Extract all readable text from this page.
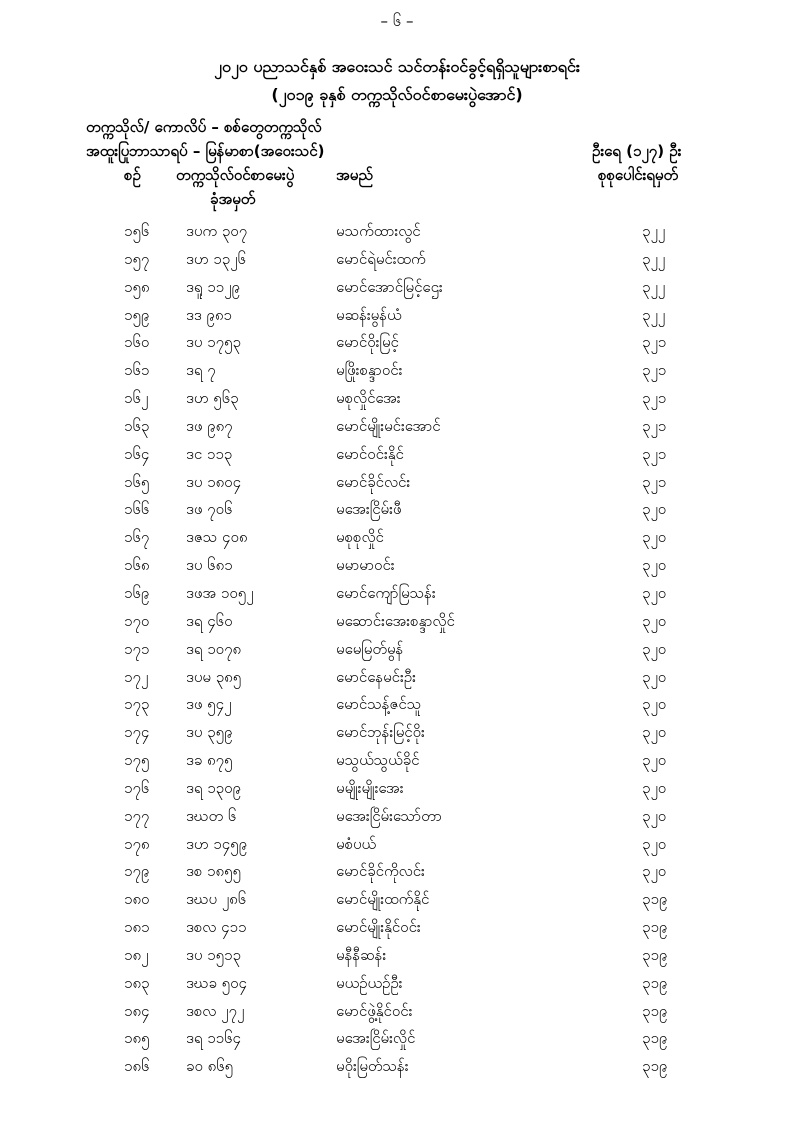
– ၆ –
၂၀၂၀ ပညာသင်နှစ် အဝေးသင် သင်တန်းဝင်ခွင့်ရရှိသူများစာရင်း
(၂၀၁၉ ခုနှစ် တက္ကသိုလ်ဝင်စာမေးပွဲအောင်)
တက္ကသိုလ်/ ကောလိပ် – စစ်တွေတက္ကသိုလ်
အထူးပြုဘာသာရပ် – မြန်မာစာ(အဝေးသင်)	ဦးရေ (၁၂၇) ဦး
စဉ် တက္ကသိုလ်ဝင်စာမေးပွဲ
ခုံအမှတ်
အမည်	စုစုပေါင်းရမှတ်
၁၅၆ ဒပက ၃၀၇	မသက်ထားလွင်	၃၂၂
၁၅၇ ဒဟ ၁၃၂၆	မောင်ရဲမင်းထက်	၃၂၂
၁၅၈ ဒရူ ၁၁၂၉	မောင်အောင်မြင့်ဌေး	၃၂၂
၁၅၉ ဒဒ ၉၈၁	မဆန်းမွန်ယံ	၃၂၂
၁၆၀ ဒပ ၁၇၅၃	မောင်ဝိုးမြင့်	၃၂၁
၁၆၁ ဒရ ၇	မဖြိုးစန္ဒာဝင်း	၃၂၁
၁၆၂	ဒဟ ၅၆၃	မစုလှိုင်အေး	၃၂၁
၁၆၃ ဒဖ ၉၈၇	မောင်မျိုးမင်းအောင်	၃၂၁
၁၆၄ ဒင ၁၁၃	မောင်ဝင်းနိုင်	၃၂၁
၁၆၅ ဒပ ၁၈၀၄	မောင်ခိုင်လင်း	၃၂၁
၁၆၆ ဒဖ ၇၀၆	မအေးငြိမ်းဖီ	၃၂၀
၁၆၇ ဒဇသ ၄၀၈	မစုစုလှိုင်	၃၂၀
၁၆၈ ဒပ ၆၈၁	မမာမာဝင်း	၃၂၀
၁၆၉ ဒဖအ ၁၀၅၂	မောင်ကျော်မြသန်း	၃၂၀
၁၇၀ ဒရ ၄၆၀	မဆောင်းအေးစန္ဒာလှိုင်	၃၂၀
၁၇၁ ဒရ ၁၀၇၈	မမေမြတ်မွန်	၃၂၀
၁၇၂	ဒပမ ၃၈၅	မောင်နေမင်းဦး	၃၂၀
၁၇၃ ဒဖ ၅၄၂	မောင်သန့်ဇင်သူ	၃၂၀
၁၇၄ ဒပ ၃၅၉	မောင်ဘုန်းမြင့်ဝိုး	၃၂၀
၁၇၅ ဒခ ၈၇၅	မသွယ်သွယ်ခိုင်	၃၂၀
၁၇၆ ဒရ ၁၃၀၉	မမျိုးမျိုးအေး	၃၂၀
၁၇၇ ဒဃတ ၆	မအေးငြိမ်းသော်တာ	၃၂၀
၁၇၈ ဒဟ ၁၄၅၉	မစံပယ်	၃၂၀
၁၇၉ ဒစ ၁၈၅၅	မောင်ခိုင်ကိုလင်း	၃၂၀
၁၈၀ ဒဃပ ၂၈၆	မောင်မျိုးထက်နိုင်	၃၁၉
၁၈၁ ဒစလ ၄၁၁	မောင်မျိုးနိုင်ဝင်း	၃၁၉
၁၈၂	ဒပ ၁၅၁၃	မနီနီဆန်း	၃၁၉
၁၈၃ ဒဃခ ၅၀၄	မယဉ်ယဉ်ဦး	၃၁၉
၁၈၄ ဒစလ ၂၇၂	မောင်ဖွဲ့နိုင်ဝင်း	၃၁၉
၁၈၅ ဒရ ၁၁၆၄	မအေးငြိမ်းလှိုင်	၃၁၉
၁၈၆ ခဝ ၈၆၅	မဝိုးမြတ်သန်း	၃၁၉
